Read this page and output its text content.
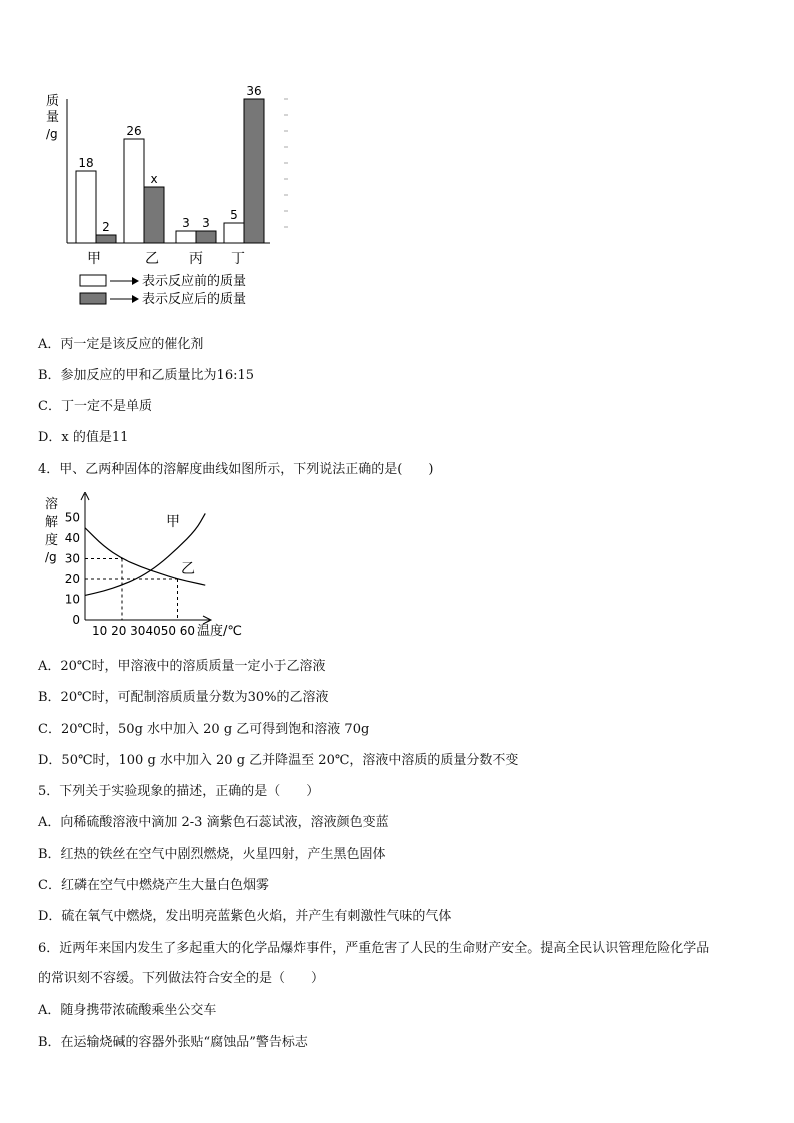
质
量
/g
18
26
3
5
2
x
3
36
甲	乙 丙 丁
表示反应前的质量
表示反应后的质量
A．丙一定是该反应的催化剂
B．参加反应的甲和乙质量比为16:15
C．丁一定不是单质
D．x 的值是11
4．甲、乙两种固体的溶解度曲线如图所示，下列说法正确的是(　　)
溶
解
度
/g
0
10
20
30
40
50
10 20 304050 60 温度/℃
甲
乙
A．20℃时，甲溶液中的溶质质量一定小于乙溶液
B．20℃时，可配制溶质质量分数为30%的乙溶液
C．20℃时，50g 水中加入 20 g 乙可得到饱和溶液 70g
D．50℃时，100 g 水中加入 20 g 乙并降温至 20℃，溶液中溶质的质量分数不变
5．下列关于实验现象的描述，正确的是（　　）
A．向稀硫酸溶液中滴加 2-3 滴紫色石蕊试液，溶液颜色变蓝
B．红热的铁丝在空气中剧烈燃烧，火星四射，产生黑色固体
C．红磷在空气中燃烧产生大量白色烟雾
D．硫在氧气中燃烧，发出明亮蓝紫色火焰，并产生有刺激性气味的气体
6．近两年来国内发生了多起重大的化学品爆炸事件，严重危害了人民的生命财产安全。提高全民认识管理危险化学品
的常识刻不容缓。下列做法符合安全的是（　　）
A．随身携带浓硫酸乘坐公交车
B．在运输烧碱的容器外张贴“腐蚀品”警告标志
